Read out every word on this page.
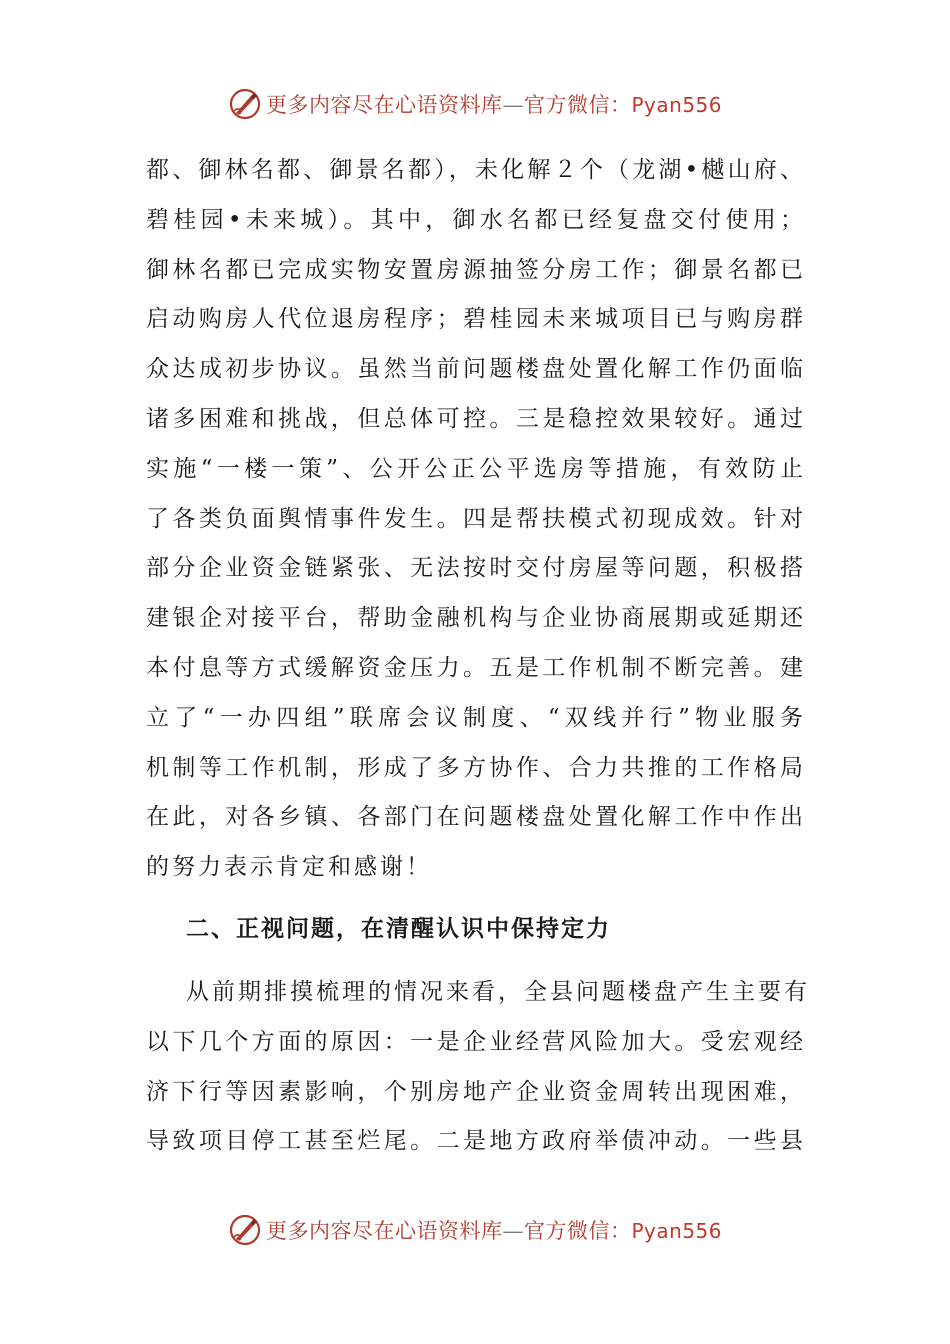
更多内容尽在心语资料库—官方微信：Pyan556
都、御林名都、御景名都），未化解２个（龙湖•樾山府、
碧桂园•未来城）。其中，御水名都已经复盘交付使用；
御林名都已完成实物安置房源抽签分房工作；御景名都已
启动购房人代位退房程序；碧桂园未来城项目已与购房群
众达成初步协议。虽然当前问题楼盘处置化解工作仍面临
诸多困难和挑战，但总体可控。三是稳控效果较好。通过
实施“一楼一策”、公开公正公平选房等措施，有效防止
了各类负面舆情事件发生。四是帮扶模式初现成效。针对
部分企业资金链紧张、无法按时交付房屋等问题，积极搭
建银企对接平台，帮助金融机构与企业协商展期或延期还
本付息等方式缓解资金压力。五是工作机制不断完善。建
立了“一办四组”联席会议制度、“双线并行”物业服务
机制等工作机制，形成了多方协作、合力共推的工作格局
在此，对各乡镇、各部门在问题楼盘处置化解工作中作出
的努力表示肯定和感谢！
二、正视问题，在清醒认识中保持定力
从前期排摸梳理的情况来看，全县问题楼盘产生主要有
以下几个方面的原因：一是企业经营风险加大。受宏观经
济下行等因素影响，个别房地产企业资金周转出现困难，
导致项目停工甚至烂尾。二是地方政府举债冲动。一些县
更多内容尽在心语资料库—官方微信：Pyan556
